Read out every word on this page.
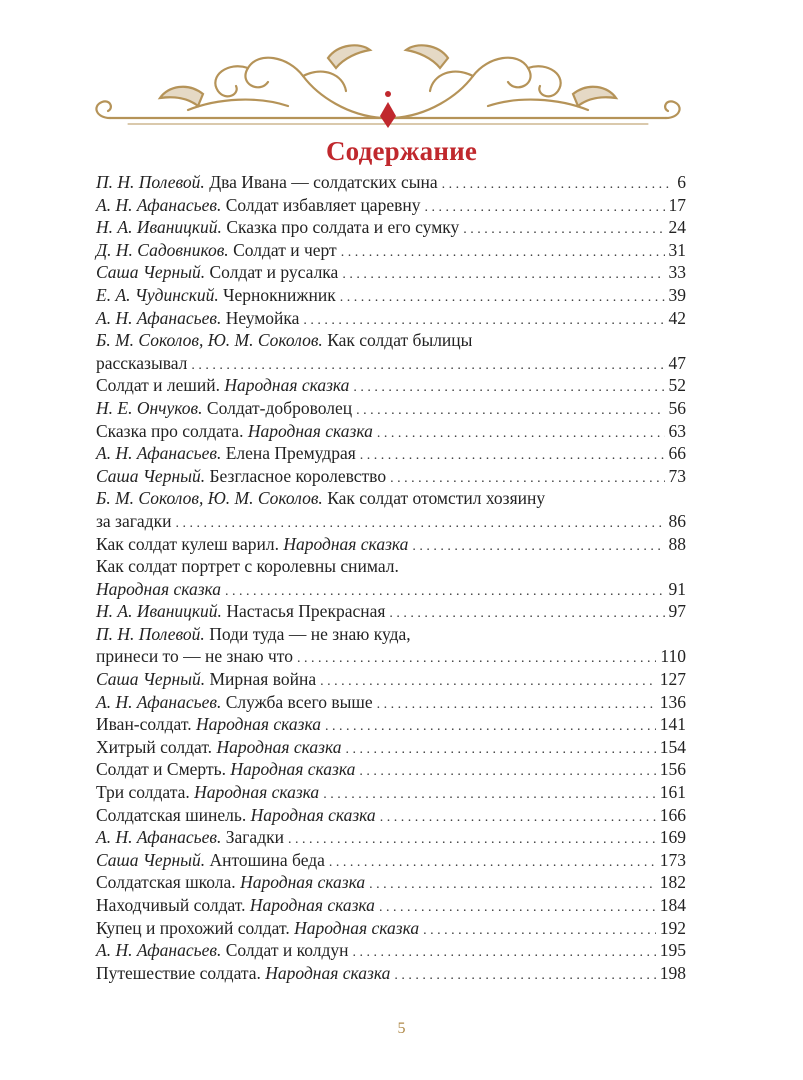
Содержание
П. Н. Полевой. Два Ивана — солдатских сына . . .	6
А. Н. Афанасьев. Солдат избавляет царевну . . .	17
Н. А. Иваницкий. Сказка про солдата и его сумку . . .	24
Д. Н. Садовников. Солдат и черт . . .	31
Саша Черный. Солдат и русалка . . .	33
Е. А. Чудинский. Чернокнижник . . .	39
А. Н. Афанасьев. Неумойка . . .	42
Б. М. Соколов, Ю. М. Соколов. Как солдат былицы
рассказывал . . .	47
Солдат и леший. Народная сказка . . .	52
Н. Е. Ончуков. Солдат-доброволец . . .	56
Сказка про солдата. Народная сказка . . .	63
А. Н. Афанасьев. Елена Премудрая . . .	66
Саша Черный. Безгласное королевство . . .	73
Б. М. Соколов, Ю. М. Соколов. Как солдат отомстил хозяину
за загадки . . .	86
Как солдат кулеш варил. Народная сказка . . .	88
Как солдат портрет с королевны снимал.
Народная сказка . . .	91
Н. А. Иваницкий. Настасья Прекрасная . . .	97
П. Н. Полевой. Поди туда — не знаю куда,
принеси то — не знаю что . . .	110
Саша Черный. Мирная война . . .	127
А. Н. Афанасьев. Служба всего выше . . .	136
Иван-солдат. Народная сказка . . .	141
Хитрый солдат. Народная сказка . . .	154
Солдат и Смерть. Народная сказка . . .	156
Три солдата. Народная сказка . . .	161
Солдатская шинель. Народная сказка . . .	166
А. Н. Афанасьев. Загадки . . .	169
Саша Черный. Антошина беда . . .	173
Солдатская школа. Народная сказка . . .	182
Находчивый солдат. Народная сказка . . .	184
Купец и прохожий солдат. Народная сказка . . .	192
А. Н. Афанасьев. Солдат и колдун . . .	195
Путешествие солдата. Народная сказка . . .	198
5
